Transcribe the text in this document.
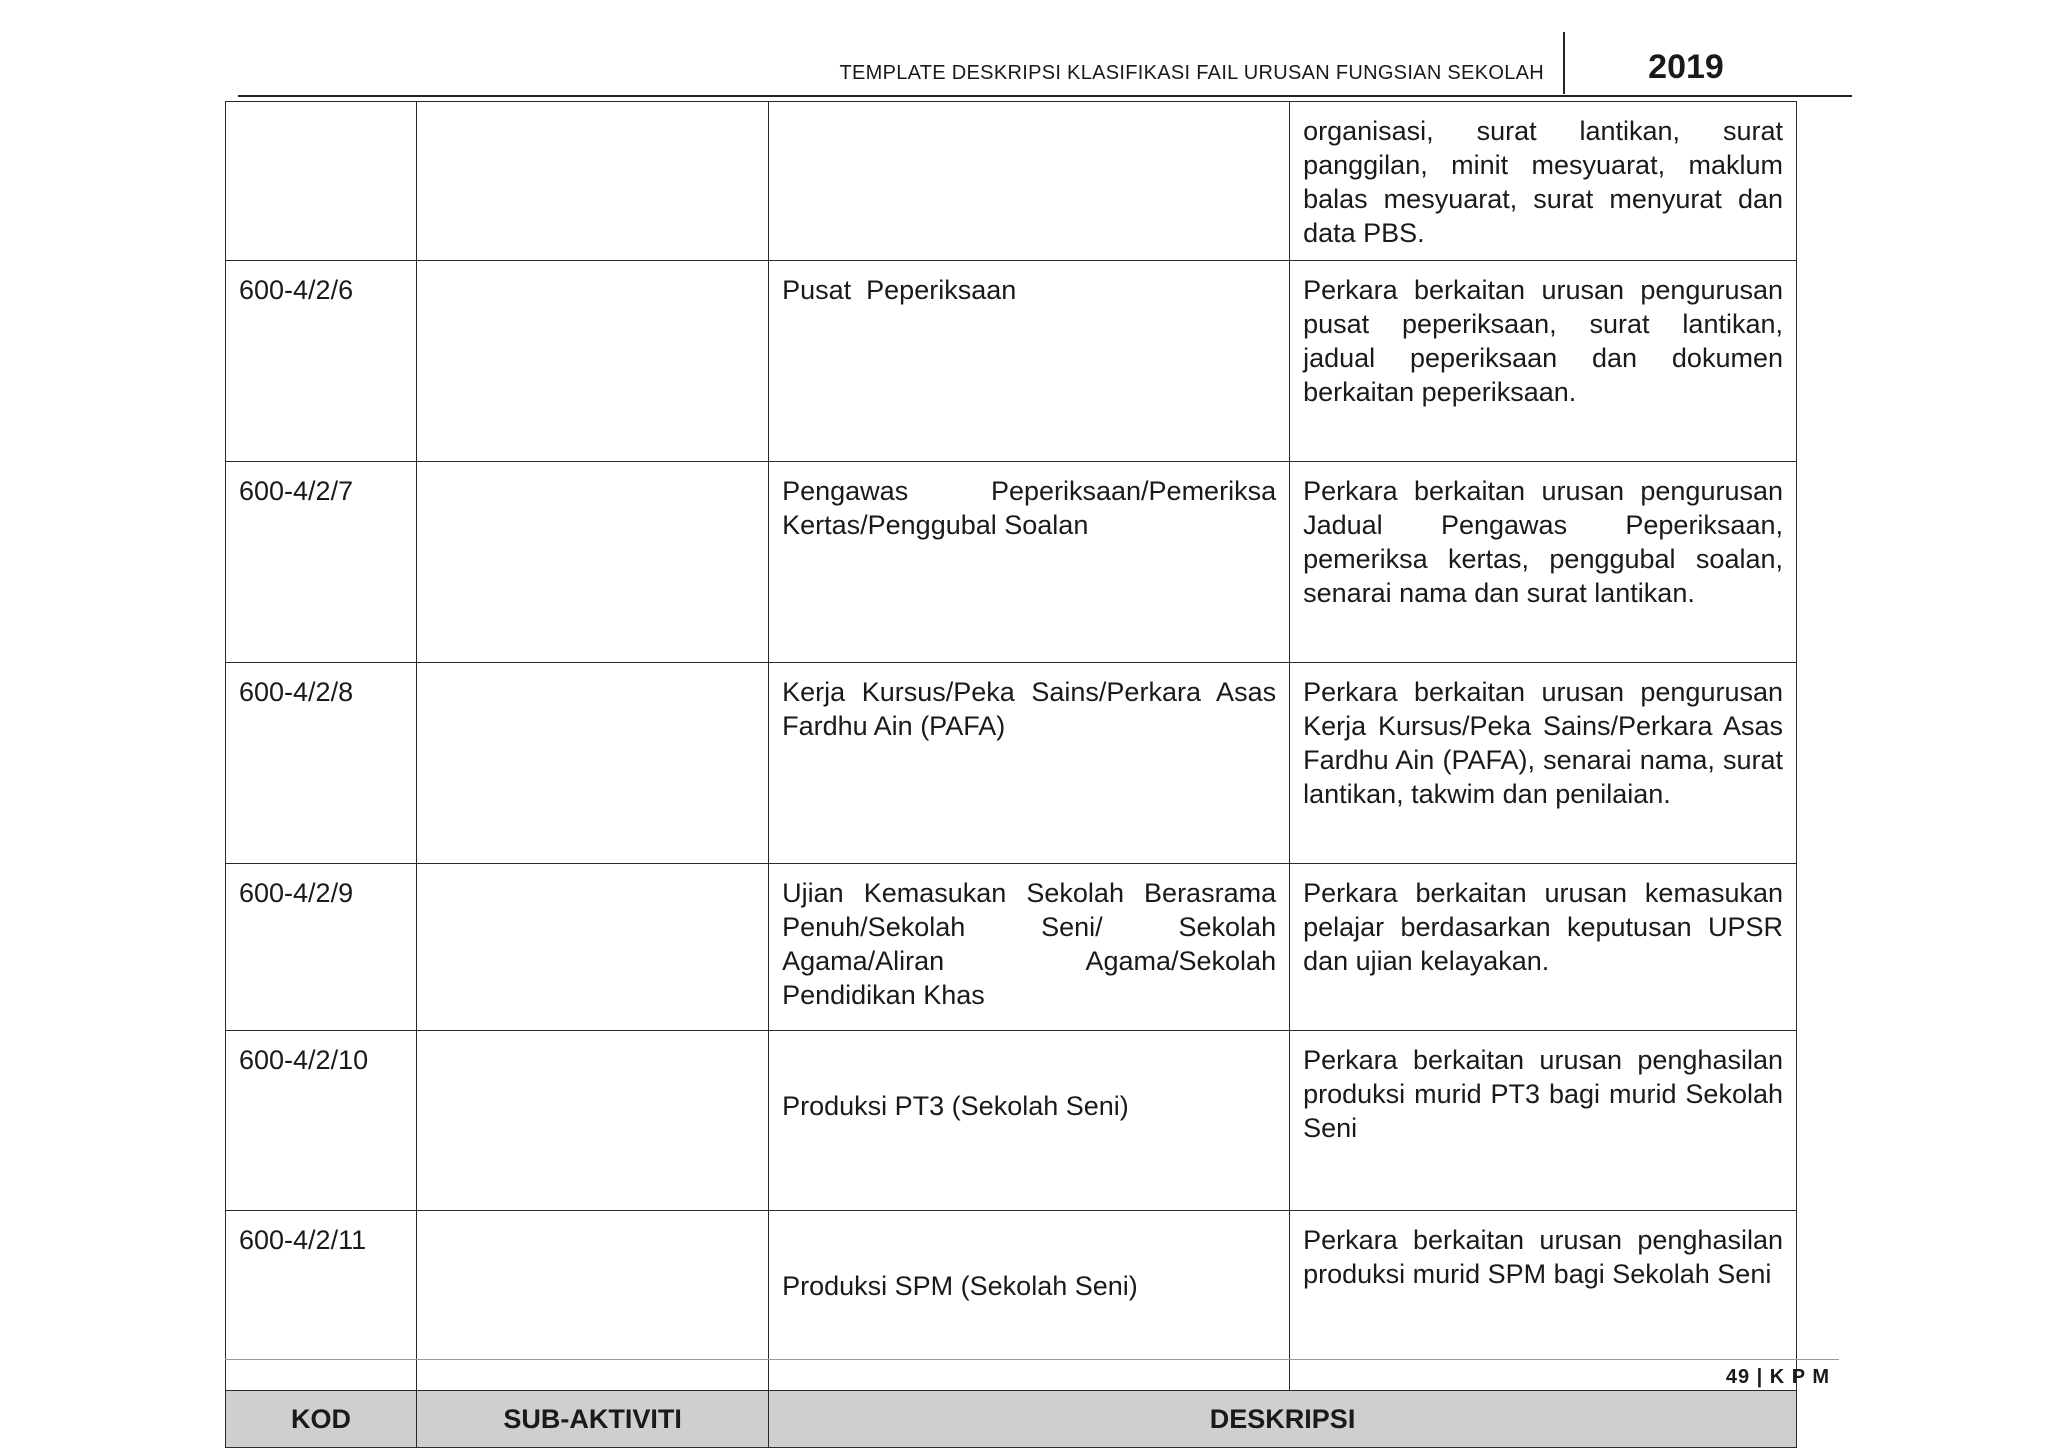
TEMPLATE DESKRIPSI KLASIFIKASI FAIL URUSAN FUNGSIAN SEKOLAH	2019
			organisasi, surat lantikan, surat panggilan, minit mesyuarat, maklum balas mesyuarat, surat menyurat dan data PBS.
600-4/2/6		Pusat  Peperiksaan	Perkara berkaitan urusan pengurusan pusat peperiksaan, surat lantikan, jadual peperiksaan dan dokumen berkaitan peperiksaan.
600-4/2/7		Pengawas Peperiksaan/Pemeriksa Kertas/Penggubal Soalan	Perkara berkaitan urusan pengurusan Jadual Pengawas Peperiksaan, pemeriksa kertas, penggubal soalan, senarai nama dan surat lantikan.
600-4/2/8		Kerja Kursus/Peka Sains/Perkara Asas Fardhu Ain (PAFA)	Perkara berkaitan urusan pengurusan Kerja Kursus/Peka Sains/Perkara Asas Fardhu Ain (PAFA), senarai nama, surat lantikan, takwim dan penilaian.
600-4/2/9		Ujian Kemasukan Sekolah Berasrama Penuh/Sekolah Seni/ Sekolah Agama/Aliran Agama/Sekolah Pendidikan Khas	Perkara berkaitan urusan kemasukan pelajar berdasarkan keputusan UPSR dan ujian kelayakan.
600-4/2/10		Produksi PT3 (Sekolah Seni)	Perkara berkaitan urusan penghasilan produksi murid PT3 bagi murid Sekolah Seni
600-4/2/11		Produksi SPM (Sekolah Seni)	Perkara berkaitan urusan penghasilan produksi murid SPM bagi Sekolah Seni
KOD	SUB-AKTIVITI	DESKRIPSI	
49 | K P M
